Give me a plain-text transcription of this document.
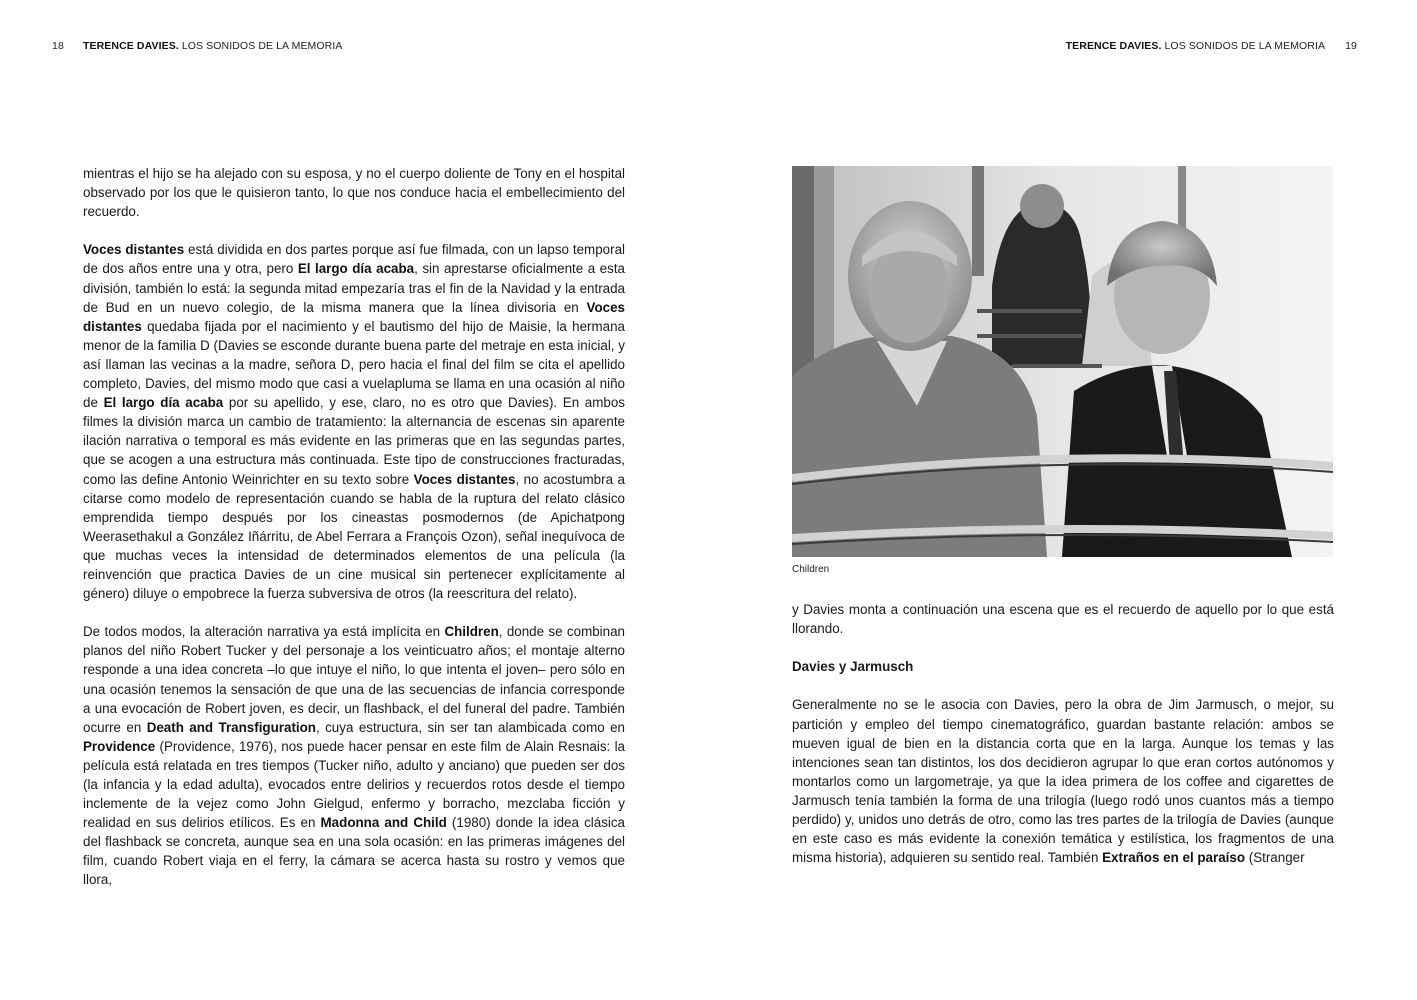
18 TERENCE DAVIES. LOS SONIDOS DE LA MEMORIA	TERENCE DAVIES. LOS SONIDOS DE LA MEMORIA 19

mientras el hijo se ha alejado con su esposa, y no el cuerpo doliente de Tony en el hospital observado por los que le quisieron tanto, lo que nos conduce hacia el embellecimiento del recuerdo.

Voces distantes está dividida en dos partes porque así fue filmada, con un lapso temporal de dos años entre una y otra, pero El largo día acaba, sin aprestarse oficialmente a esta división, también lo está: la segunda mitad empezaría tras el fin de la Navidad y la entrada de Bud en un nuevo colegio, de la misma manera que la línea divisoria en Voces distantes quedaba fijada por el nacimiento y el bautismo del hijo de Maisie, la hermana menor de la familia D (Davies se esconde durante buena parte del metraje en esta inicial, y así llaman las vecinas a la madre, señora D, pero hacia el final del film se cita el apellido completo, Davies, del mismo modo que casi a vuelapluma se llama en una ocasión al niño de El largo día acaba por su apellido, y ese, claro, no es otro que Davies). En ambos filmes la división marca un cambio de tratamiento: la alternancia de escenas sin aparente ilación narrativa o temporal es más evidente en las primeras que en las segundas partes, que se acogen a una estructura más continuada. Este tipo de construcciones fracturadas, como las define Antonio Weinrichter en su texto sobre Voces distantes, no acostumbra a citarse como modelo de representación cuando se habla de la ruptura del relato clásico emprendida tiempo después por los cineastas posmodernos (de Apichatpong Weerasethakul a González Iñárritu, de Abel Ferrara a François Ozon), señal inequívoca de que muchas veces la intensidad de determinados elementos de una película (la reinvención que practica Davies de un cine musical sin pertenecer explícitamente al género) diluye o empobrece la fuerza subversiva de otros (la reescritura del relato).

De todos modos, la alteración narrativa ya está implícita en Children, donde se combinan planos del niño Robert Tucker y del personaje a los veinticuatro años; el montaje alterno responde a una idea concreta –lo que intuye el niño, lo que intenta el joven– pero sólo en una ocasión tenemos la sensación de que una de las secuencias de infancia corresponde a una evocación de Robert joven, es decir, un flashback, el del funeral del padre. También ocurre en Death and Transfiguration, cuya estructura, sin ser tan alambicada como en Providence (Providence, 1976), nos puede hacer pensar en este film de Alain Resnais: la película está relatada en tres tiempos (Tucker niño, adulto y anciano) que pueden ser dos (la infancia y la edad adulta), evocados entre delirios y recuerdos rotos desde el tiempo inclemente de la vejez como John Gielgud, enfermo y borracho, mezclaba ficción y realidad en sus delirios etílicos. Es en Madonna and Child (1980) donde la idea clásica del flashback se concreta, aunque sea en una sola ocasión: en las primeras imágenes del film, cuando Robert viaja en el ferry, la cámara se acerca hasta su rostro y vemos que llora,

Children

y Davies monta a continuación una escena que es el recuerdo de aquello por lo que está llorando.

Davies y Jarmusch

Generalmente no se le asocia con Davies, pero la obra de Jim Jarmusch, o mejor, su partición y empleo del tiempo cinematográfico, guardan bastante relación: ambos se mueven igual de bien en la distancia corta que en la larga. Aunque los temas y las intenciones sean tan distintos, los dos decidieron agrupar lo que eran cortos autónomos y montarlos como un largometraje, ya que la idea primera de los coffee and cigarettes de Jarmusch tenía también la forma de una trilogía (luego rodó unos cuantos más a tiempo perdido) y, unidos uno detrás de otro, como las tres partes de la trilogía de Davies (aunque en este caso es más evidente la conexión temática y estilística, los fragmentos de una misma historia), adquieren su sentido real. También Extraños en el paraíso (Stranger
